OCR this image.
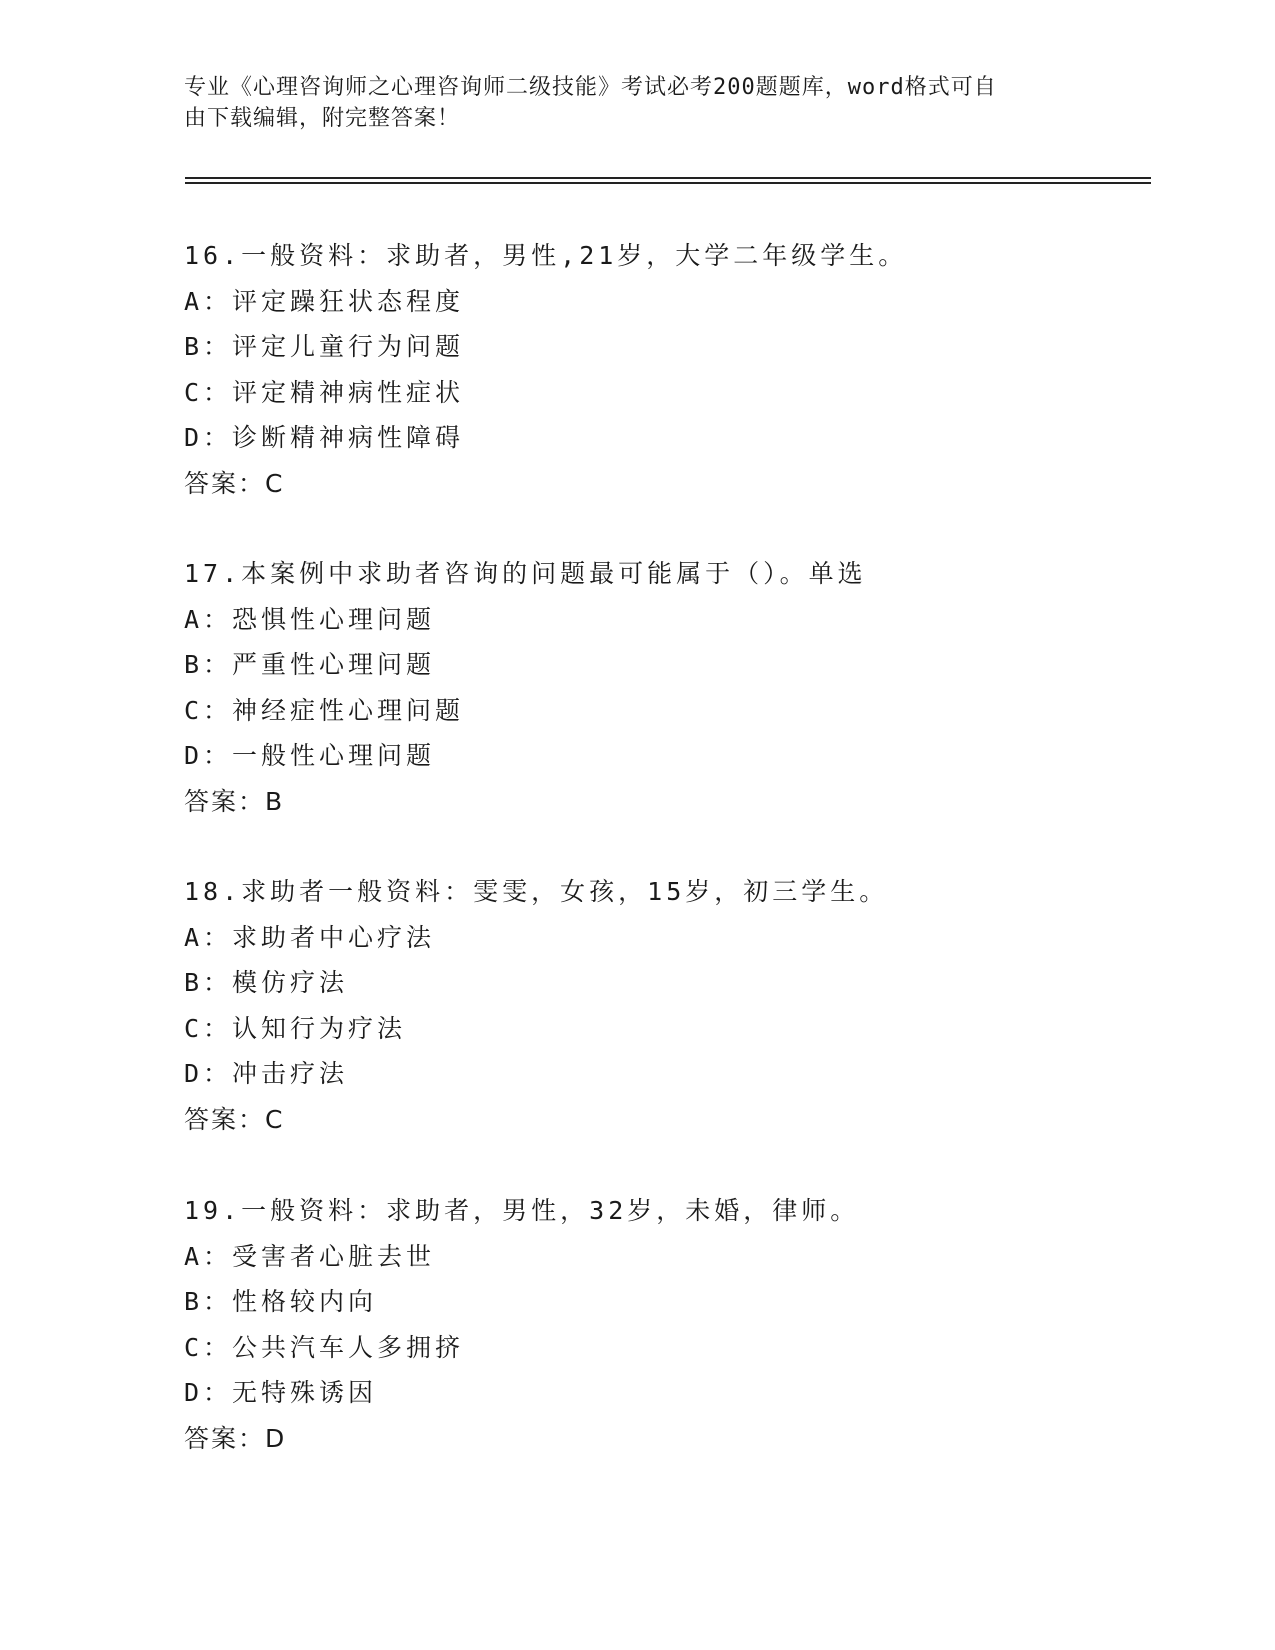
专业《心理咨询师之心理咨询师二级技能》考试必考200题题库，word格式可自
由下载编辑，附完整答案！
16.一般资料：求助者，男性,21岁，大学二年级学生。
A：评定躁狂状态程度
B：评定儿童行为问题
C：评定精神病性症状
D：诊断精神病性障碍
答案：C
17.本案例中求助者咨询的问题最可能属于（）。单选
A：恐惧性心理问题
B：严重性心理问题
C：神经症性心理问题
D：一般性心理问题
答案：B
18.求助者一般资料：雯雯，女孩，15岁，初三学生。
A：求助者中心疗法
B：模仿疗法
C：认知行为疗法
D：冲击疗法
答案：C
19.一般资料：求助者，男性，32岁，未婚，律师。
A：受害者心脏去世
B：性格较内向
C：公共汽车人多拥挤
D：无特殊诱因
答案：D
